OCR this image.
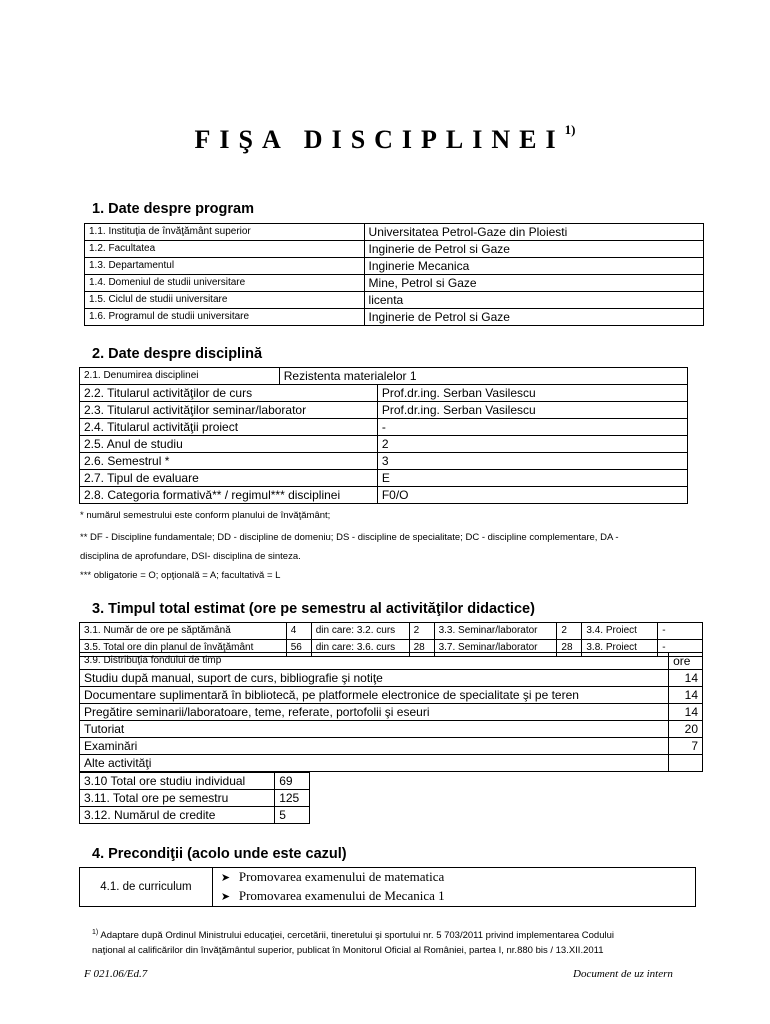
FIŞA DISCIPLINEI$^{1)}$
1. Date despre program
1.1. Instituţia de învăţământ superior	Universitatea Petrol-Gaze din Ploiesti
1.2. Facultatea	Inginerie de Petrol si Gaze
1.3. Departamentul	Inginerie Mecanica
1.4. Domeniul de studii universitare	Mine, Petrol si Gaze
1.5. Ciclul de studii universitare	licenta
1.6. Programul de studii universitare	Inginerie de Petrol si Gaze
2. Date despre disciplină
2.1. Denumirea disciplinei	Rezistenta materialelor 1
2.2. Titularul activităţilor de curs	Prof.dr.ing. Serban Vasilescu
2.3. Titularul activităţilor seminar/laborator	Prof.dr.ing. Serban Vasilescu
2.4. Titularul activităţii proiect	-
2.5. Anul de studiu	2
2.6. Semestrul *	3
2.7. Tipul de evaluare	E
2.8. Categoria formativă** / regimul*** disciplinei	F0/O
* numărul semestrului este conform planului de învăţământ;
** DF - Discipline fundamentale; DD - discipline de domeniu; DS - discipline de specialitate; DC - discipline complementare, DA -
disciplina de aprofundare, DSI- disciplina de sinteza.
*** obligatorie = O; opţională = A; facultativă = L
3. Timpul total estimat (ore pe semestru al activităţilor didactice)
3.1. Număr de ore pe săptămână	4	din care: 3.2. curs	2	3.3. Seminar/laborator	2	3.4. Proiect	-
3.5. Total ore din planul de învăţământ	56	din care: 3.6. curs	28	3.7. Seminar/laborator	28	3.8. Proiect	-
3.9. Distribuţia fondului de timp	ore
Studiu după manual, suport de curs, bibliografie şi notiţe	14
Documentare suplimentară în bibliotecă, pe platformele electronice de specialitate şi pe teren	14
Pregătire seminarii/laboratoare, teme, referate, portofolii şi eseuri	14
Tutoriat	20
Examinări	7
Alte activităţi	
3.10 Total ore studiu individual	69
3.11. Total ore pe semestru	125
3.12. Numărul de credite	5
4. Precondiţii (acolo unde este cazul)
4.1. de curriculum	
➤ Promovarea examenului de matematica
➤ Promovarea examenului de Mecanica 1
$^{1)}$ Adaptare după Ordinul Ministrului educaţiei, cercetării, tineretului şi sportului nr. 5 703/2011 privind implementarea Codului
naţional al calificărilor din învăţământul superior, publicat în Monitorul Oficial al României, partea I, nr.880 bis / 13.XII.2011
F 021.06/Ed.7	Document de uz intern
